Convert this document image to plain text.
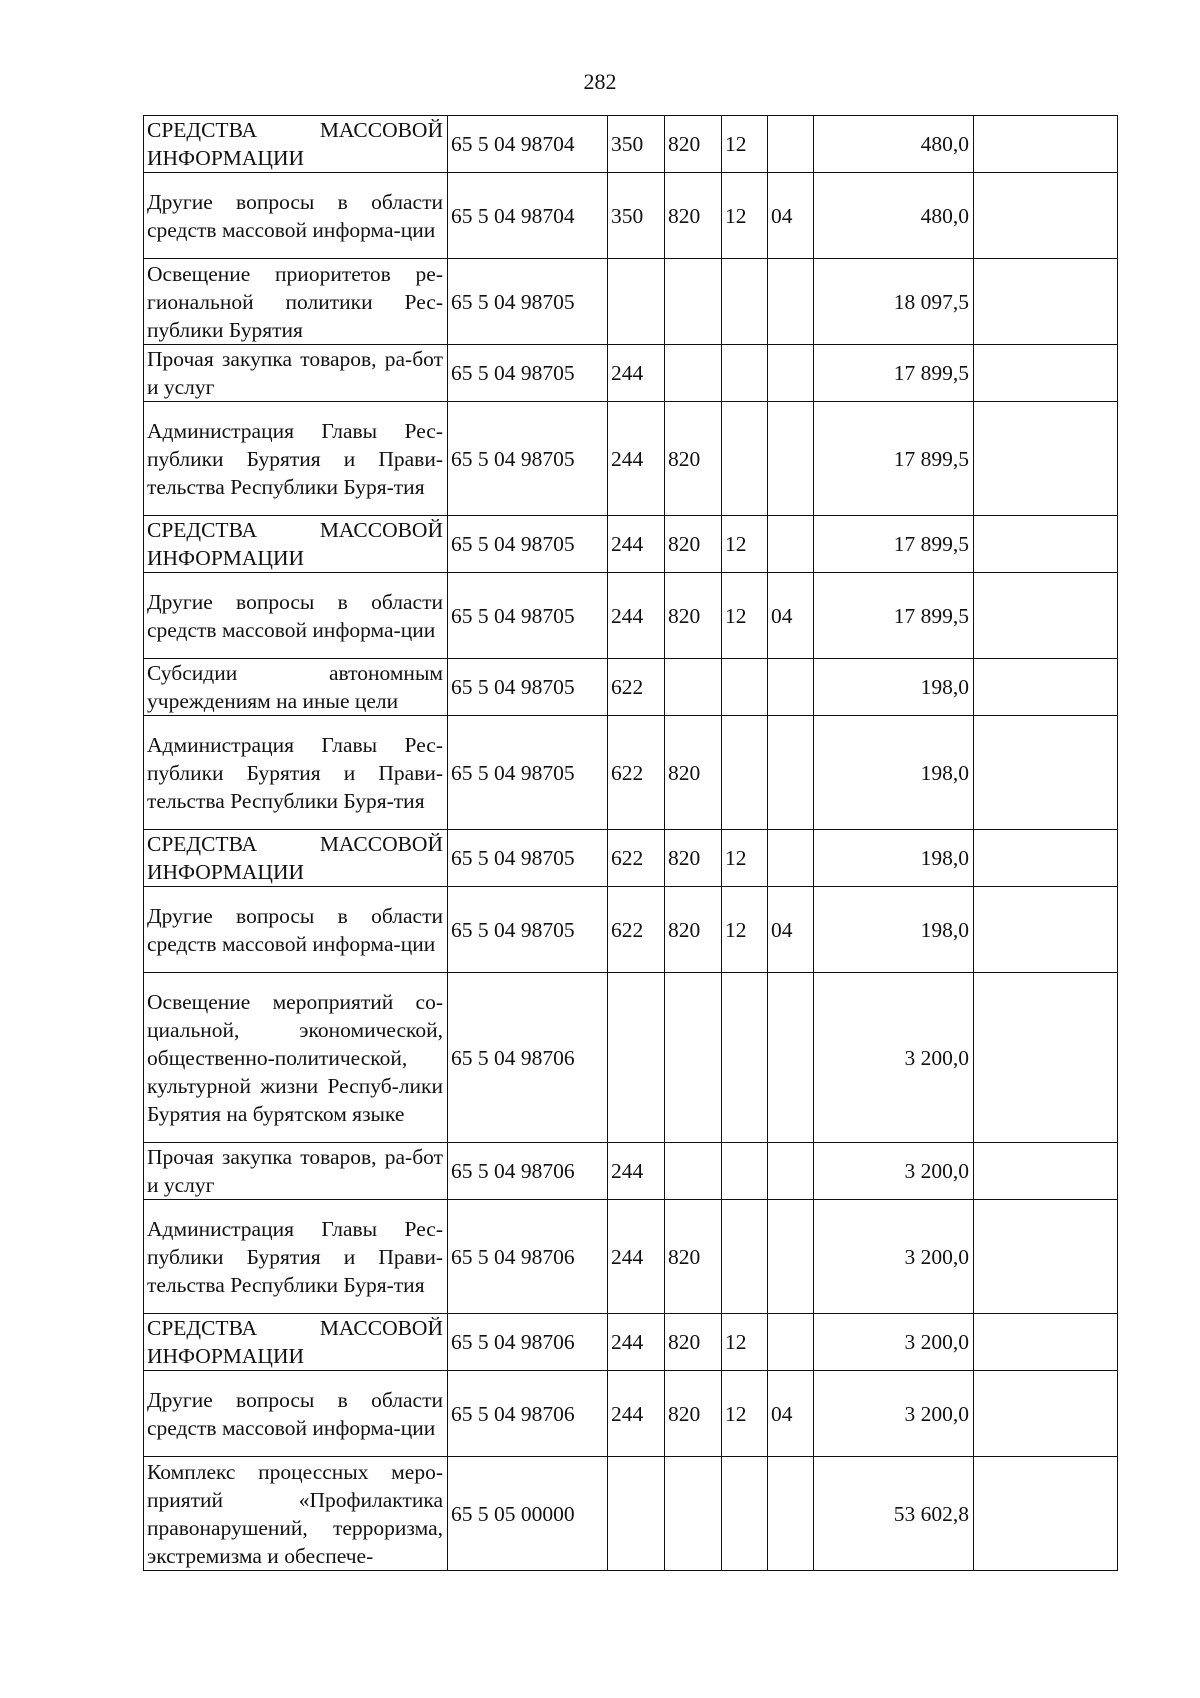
282
СРЕДСТВА МАССОВОЙ ИНФОРМАЦИИ	65 5 04 98704	350	820	12		480,0	
Другие вопросы в области средств массовой информа-ции	65 5 04 98704	350	820	12	04	480,0	
Освещение приоритетов ре-гиональной политики Рес-публики Бурятия	65 5 04 98705					18 097,5	
Прочая закупка товаров, ра-бот и услуг	65 5 04 98705	244				17 899,5	
Администрация Главы Рес-публики Бурятия и Прави-тельства Республики Буря-тия	65 5 04 98705	244	820			17 899,5	
СРЕДСТВА МАССОВОЙ ИНФОРМАЦИИ	65 5 04 98705	244	820	12		17 899,5	
Другие вопросы в области средств массовой информа-ции	65 5 04 98705	244	820	12	04	17 899,5	
Субсидии автономным учреждениям на иные цели	65 5 04 98705	622				198,0	
Администрация Главы Рес-публики Бурятия и Прави-тельства Республики Буря-тия	65 5 04 98705	622	820			198,0	
СРЕДСТВА МАССОВОЙ ИНФОРМАЦИИ	65 5 04 98705	622	820	12		198,0	
Другие вопросы в области средств массовой информа-ции	65 5 04 98705	622	820	12	04	198,0	
Освещение мероприятий со-циальной, экономической, общественно-политической, культурной жизни Респуб-лики Бурятия на бурятском языке	65 5 04 98706					3 200,0	
Прочая закупка товаров, ра-бот и услуг	65 5 04 98706	244				3 200,0	
Администрация Главы Рес-публики Бурятия и Прави-тельства Республики Буря-тия	65 5 04 98706	244	820			3 200,0	
СРЕДСТВА МАССОВОЙ ИНФОРМАЦИИ	65 5 04 98706	244	820	12		3 200,0	
Другие вопросы в области средств массовой информа-ции	65 5 04 98706	244	820	12	04	3 200,0	
Комплекс процессных меро-приятий «Профилактика правонарушений, терроризма, экстремизма и обеспече-	65 5 05 00000					53 602,8	
